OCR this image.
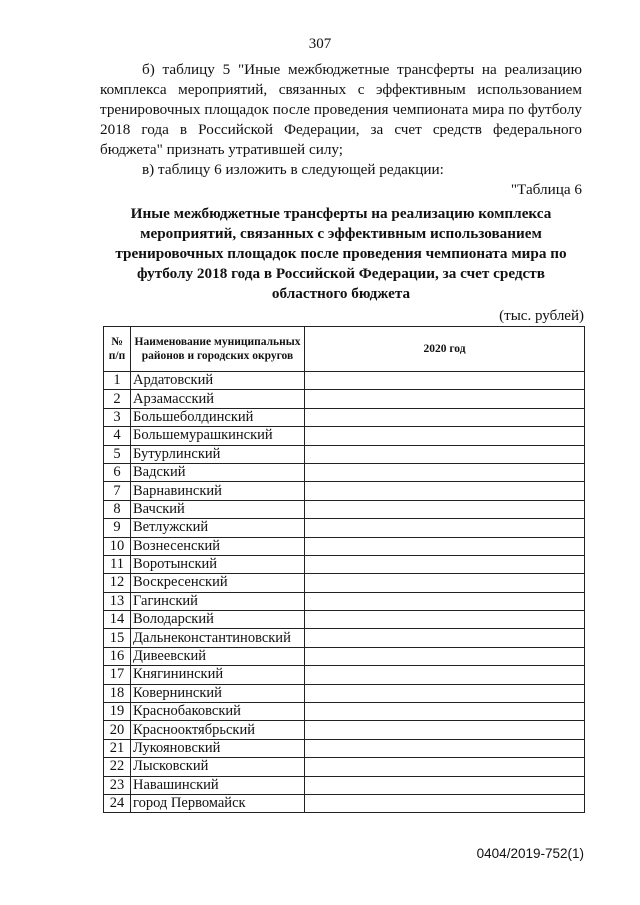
307

б) таблицу 5 "Иные межбюджетные трансферты на реализацию комплекса мероприятий, связанных с эффективным использованием тренировочных площадок после проведения чемпионата мира по футболу 2018 года в Российской Федерации, за счет средств федерального бюджета" признать утратившей силу;

в) таблицу 6 изложить в следующей редакции:

"Таблица 6

Иные межбюджетные трансферты на реализацию комплекса мероприятий, связанных с эффективным использованием тренировочных площадок после проведения чемпионата мира по футболу 2018 года в Российской Федерации, за счет средств областного бюджета
(тыс. рублей)
№ п/п	Наименование муниципальных районов и городских округов	2020 год
1	Ардатовский	
2	Арзамасский	
3	Большеболдинский	
4	Большемурашкинский	
5	Бутурлинский	
6	Вадский	
7	Варнавинский	
8	Вачский	
9	Ветлужский	
10	Вознесенский	
11	Воротынский	
12	Воскресенский	
13	Гагинский	
14	Володарский	
15	Дальнеконстантиновский	
16	Дивеевский	
17	Княгининский	
18	Ковернинский	
19	Краснобаковский	
20	Краснооктябрьский	
21	Лукояновский	
22	Лысковский	
23	Навашинский	
24	город Первомайск	
0404/2019-752(1)
